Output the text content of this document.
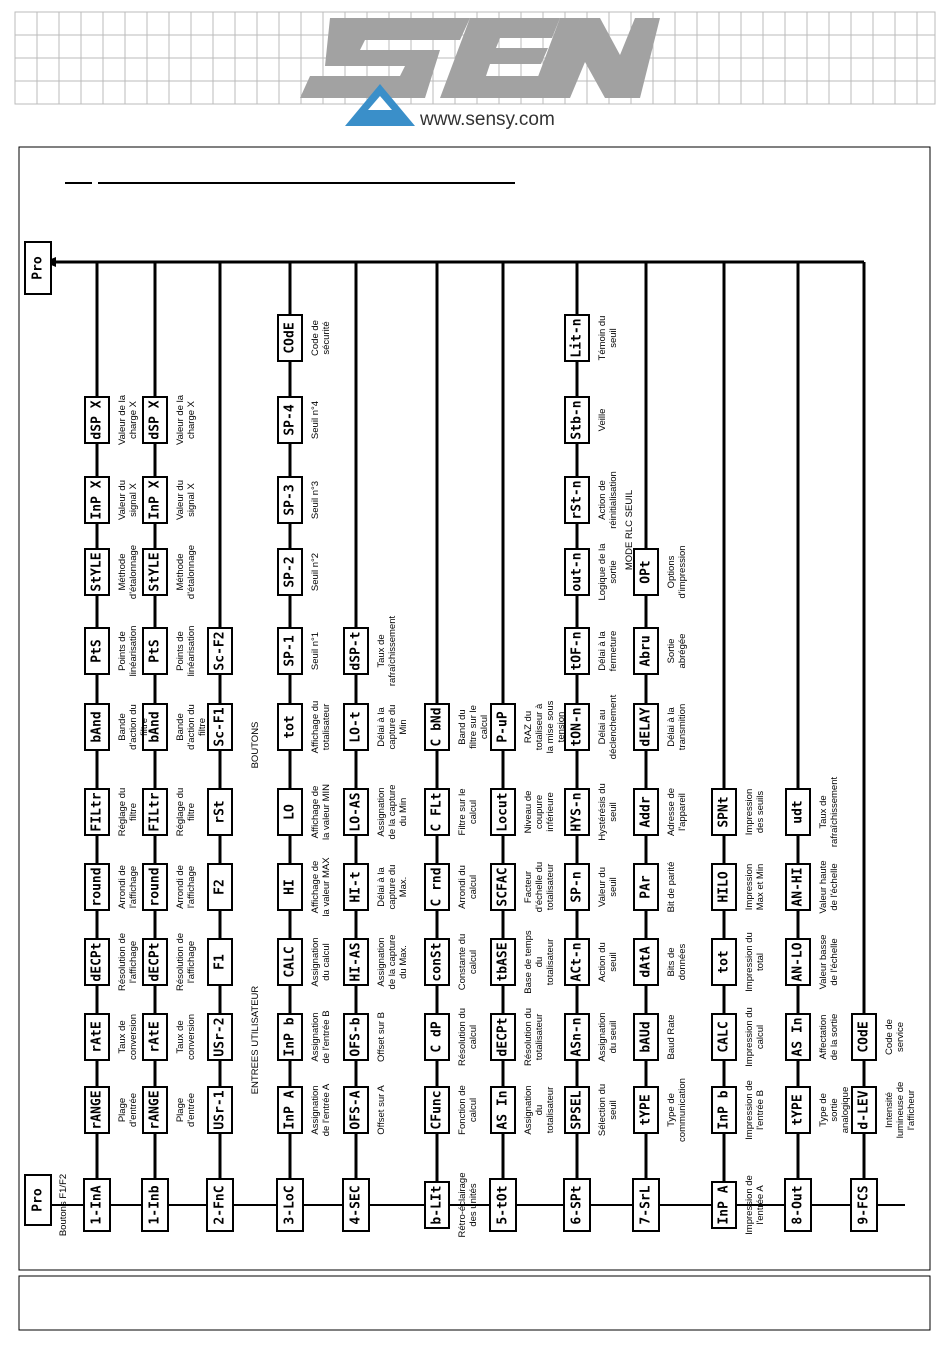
www.sensy.com
Pro
Pro Boutons F1/F2 1-InA
rANGE Plaged'entrée
rAtE Taux deconversion
dECPt Résolution del'affichage
round Arrondi del'affichage
FILtr Réglage dufiltre
bAnd Banded'action dufiltre
PtS Points delinéarisation
StYLE Méthoded'étalonnage
InP X Valeur dusignal X
dSP X Valeur de lacharge X
1-Inb
rANGE Plaged'entrée
rAtE Taux deconversion
dECPt Résolution del'affichage
round Arrondi del'affichage
FILtr Réglage dufiltre
bAnd Banded'action dufiltre
PtS Points delinéarisation
StYLE Méthoded'étalonnage
InP X Valeur dusignal X
dSP X Valeur de lacharge X
2-FnC
USr-1
USr-2
F1
F2
rSt
Sc-F1
Sc-F2
3-LoC
InP A Assignationde l'entrée A
InP b Assignationde l'entrée B
CALC Assignationdu calcul
HI Affichage dela valeur MAX
LO Affichage dela valeur MIN
tot Affichage dutotalisateur
SP-1 Seuil n°1
SP-2 Seuil n°2
SP-3 Seuil n°3
SP-4 Seuil n°4
COdE Code desécurité
4-SEC
OFS-A Offset sur A
OFS-b Offset sur B
HI-AS Assignationde la capturedu Max.
HI-t Délai à lacapture duMax.
LO-AS Assignationde la capturedu Min
LO-t Délai à lacapture duMin
dSP-t Taux derafraîchissement
b-LIt Rétro-éclairagedes unités
CFunc Fonction decalcul
C dP Résolution ducalcul
conSt Constante ducalcul
C rnd Arrondi ducalcul
C FLt Filtre sur lecalcul
C bNd Band dufiltre sur lecalcul
5-tOt
AS In Assignationdutotalisateur
dECPt Résolution dutotalisateur
tbASE Base de tempsdutotalisateur
SCFAC Facteurd'échelle dutotalisateur
Locut Niveau decoupureinférieure
P-uP RAZ dutotaliseur àla mise soustension
6-SPt
SPSEL Sélection duseuil
ASn-n Assignationdu seuil
ACt-n Action duseuil
SP-n Valeur duseuil
HYS-n Hystérésis duseuil
tON-n Délai audéclenchement
tOF-n Délai à lafermeture
out-n Logique de lasortie
rSt-n Action deréinitialisation
Stb-n Veille
Lit-n Témoin duseuil
7-SrL
tYPE Type decommunication
bAUd Baud Rate
dAtA Bits dedonnées
PAr Bit de parité
Addr Adresse del'appareil
dELAY Délai à latransmition
Abru Sortieabrégée
OPt Optionsd'impression
InP A Impression del'entrée A
InP b Impression del'entrée B
CALC Impression ducalcul
tot Impression dutotal
HILO ImpressionMax et Min
SPNt Impressiondes seuils
8-Out
tYPE Type desortieanalogique
AS In Affectationde la sortie
AN-LO Valeur bassede l'échelle
AN-HI Valeur hautede l'échelle
udt Taux derafraîchissement
9-FCS
d-LEV Intensitélumineuse del'afficheur
COdE Code deservice
ENTREES UTILISATEUR
BOUTONS
MODE RLC SEUIL
